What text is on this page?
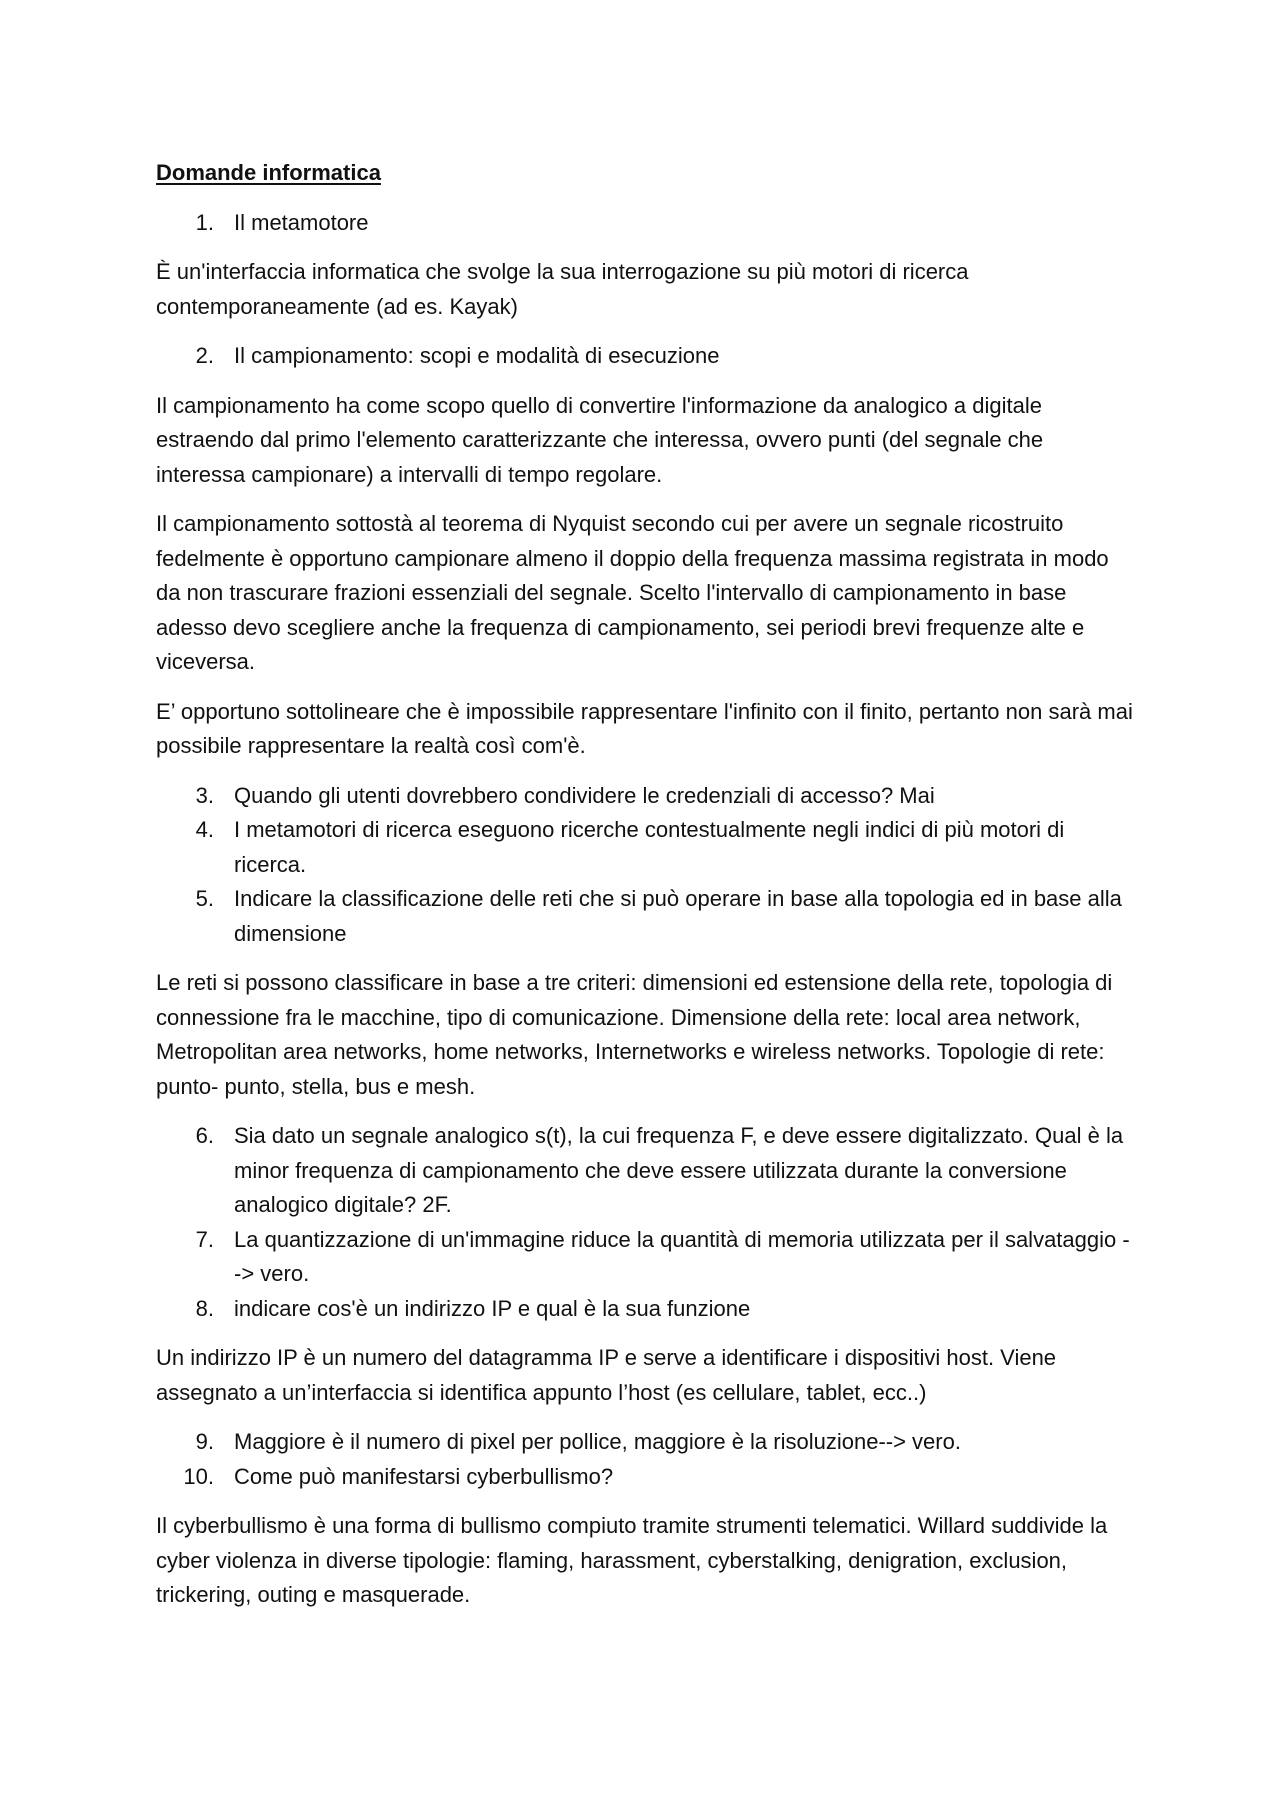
Domande informatica
1. Il metamotore

È un'interfaccia informatica che svolge la sua interrogazione su più motori di ricerca contemporaneamente (ad es. Kayak)

2. Il campionamento: scopi e modalità di esecuzione

Il campionamento ha come scopo quello di convertire l'informazione da analogico a digitale estraendo dal primo l'elemento caratterizzante che interessa, ovvero punti (del segnale che interessa campionare) a intervalli di tempo regolare.

Il campionamento sottostà al teorema di Nyquist secondo cui per avere un segnale ricostruito fedelmente è opportuno campionare almeno il doppio della frequenza massima registrata in modo da non trascurare frazioni essenziali del segnale. Scelto l'intervallo di campionamento in base adesso devo scegliere anche la frequenza di campionamento, sei periodi brevi frequenze alte e viceversa.

E’ opportuno sottolineare che è impossibile rappresentare l'infinito con il finito, pertanto non sarà mai possibile rappresentare la realtà così com'è.

3. Quando gli utenti dovrebbero condividere le credenziali di accesso? Mai
4. I metamotori di ricerca eseguono ricerche contestualmente negli indici di più motori di ricerca.
5. Indicare la classificazione delle reti che si può operare in base alla topologia ed in base alla dimensione

Le reti si possono classificare in base a tre criteri: dimensioni ed estensione della rete, topologia di connessione fra le macchine, tipo di comunicazione. Dimensione della rete: local area network, Metropolitan area networks, home networks, Internetworks e wireless networks. Topologie di rete: punto- punto, stella, bus e mesh.

6. Sia dato un segnale analogico s(t), la cui frequenza F, e deve essere digitalizzato. Qual è la minor frequenza di campionamento che deve essere utilizzata durante la conversione analogico digitale? 2F.
7. La quantizzazione di un'immagine riduce la quantità di memoria utilizzata per il salvataggio --> vero.
8. indicare cos'è un indirizzo IP e qual è la sua funzione

Un indirizzo IP è un numero del datagramma IP e serve a identificare i dispositivi host. Viene assegnato a un’interfaccia si identifica appunto l’host (es cellulare, tablet, ecc..)

9. Maggiore è il numero di pixel per pollice, maggiore è la risoluzione--> vero.
10. Come può manifestarsi cyberbullismo?

Il cyberbullismo è una forma di bullismo compiuto tramite strumenti telematici. Willard suddivide la cyber violenza in diverse tipologie: flaming, harassment, cyberstalking, denigration, exclusion, trickering, outing e masquerade.
